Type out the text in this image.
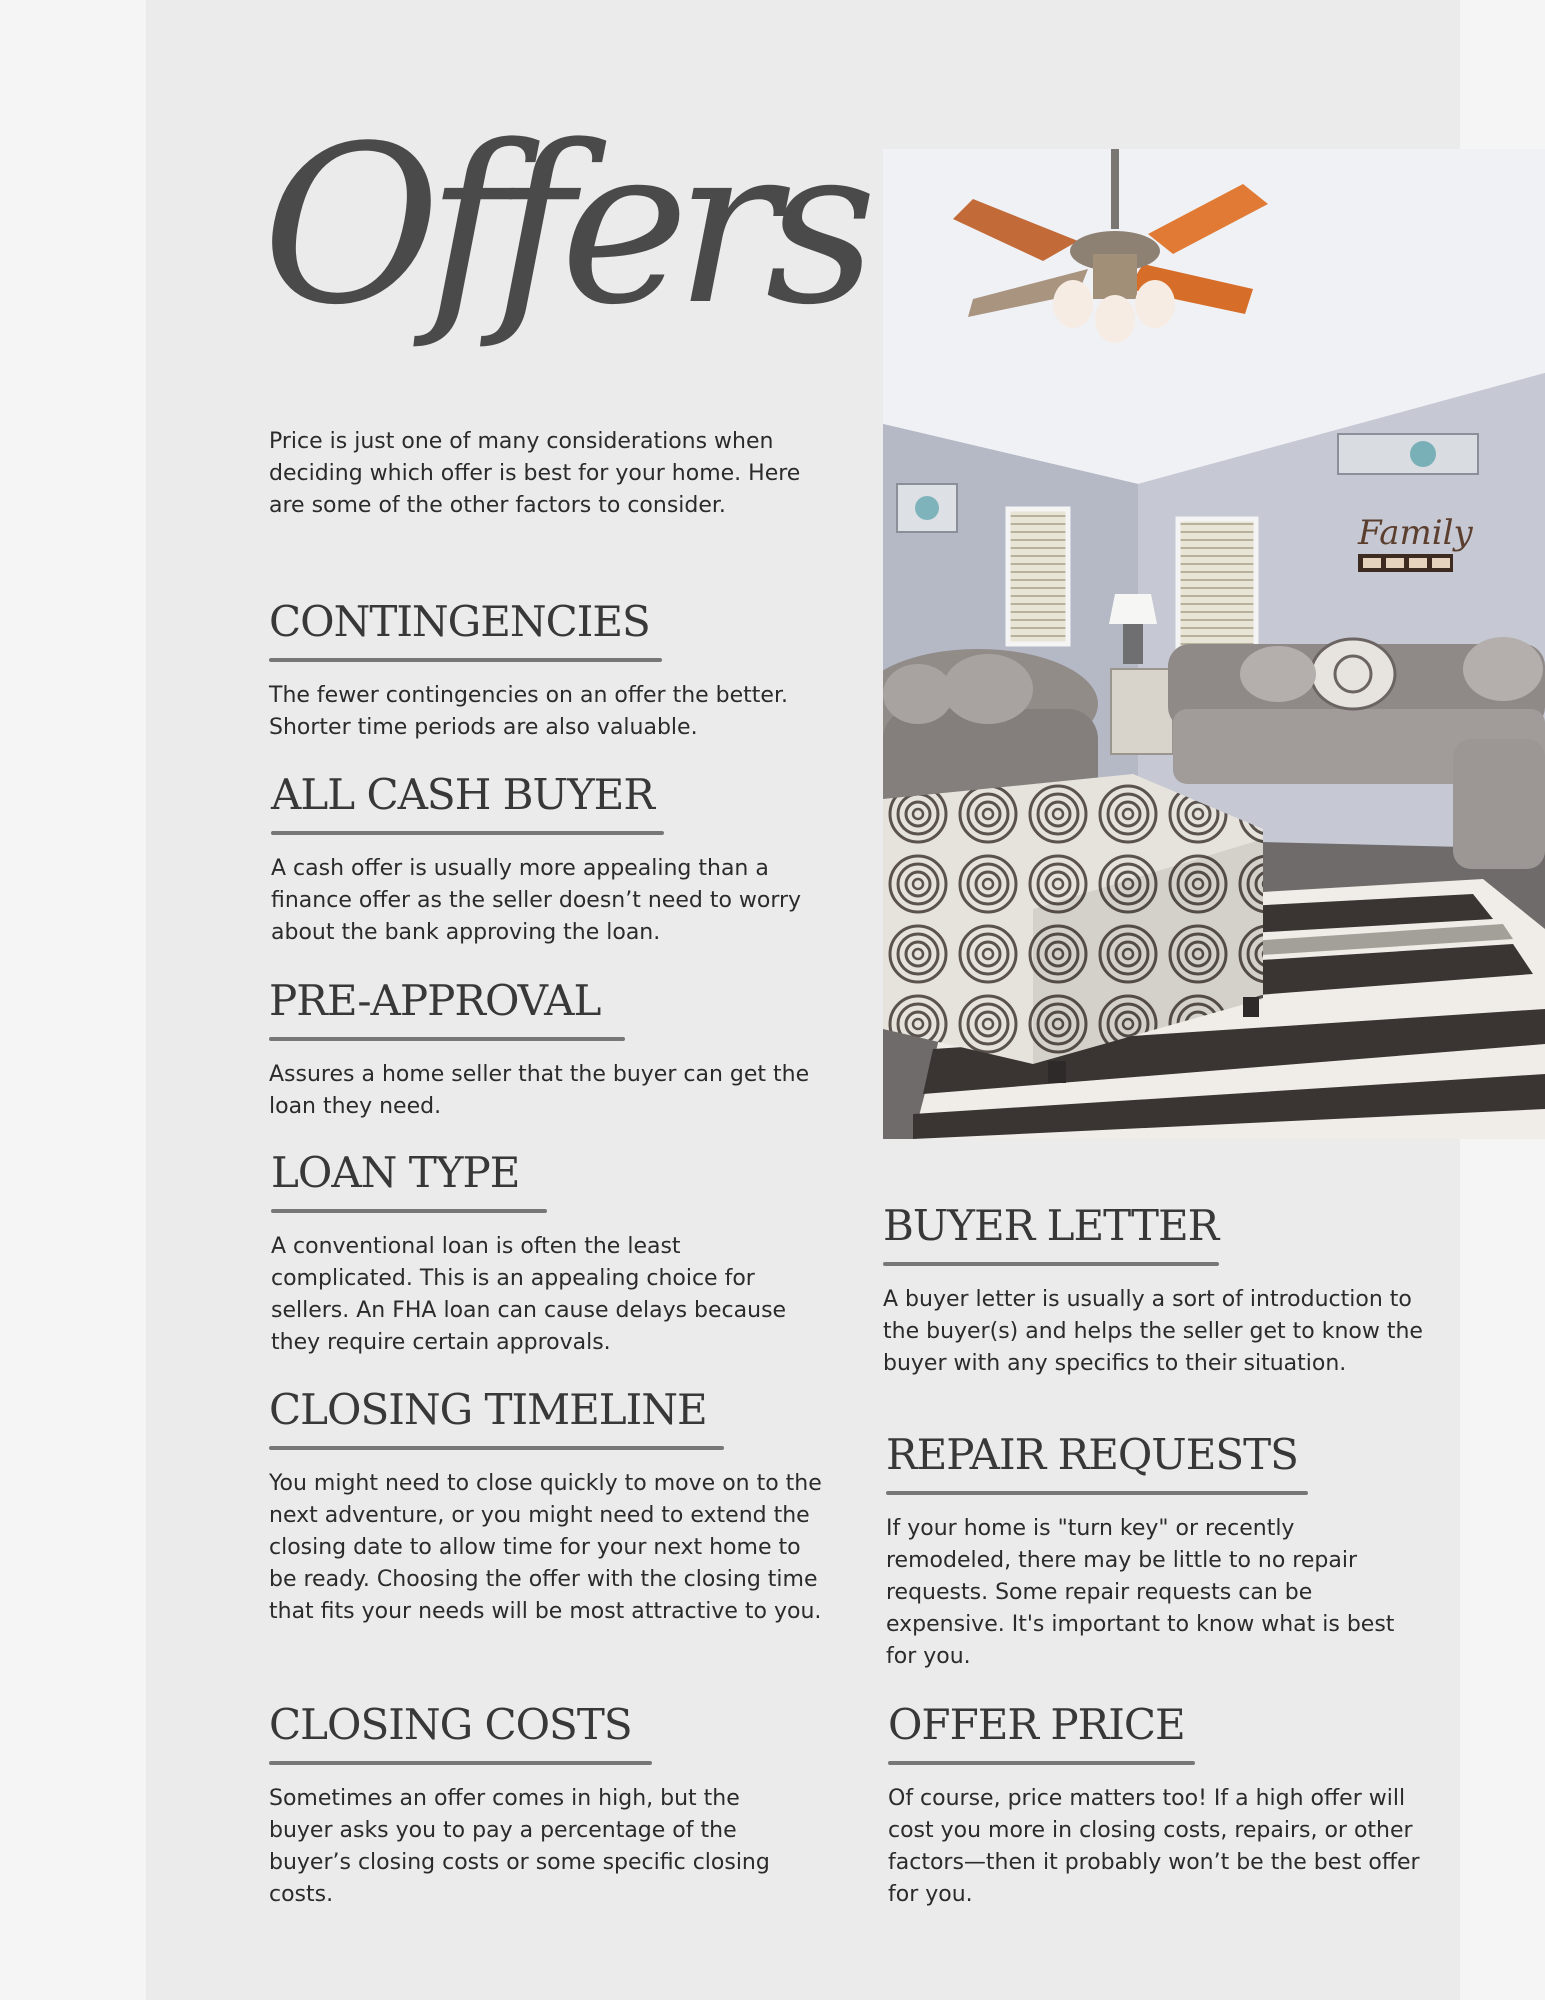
Offers

Price is just one of many considerations when deciding which offer is best for your home. Here are some of the other factors to consider.

CONTINGENCIES

The fewer contingencies on an offer the better. Shorter time periods are also valuable.

ALL CASH BUYER

A cash offer is usually more appealing than a finance offer as the seller doesn’t need to worry about the bank approving the loan.

PRE-APPROVAL

Assures a home seller that the buyer can get the loan they need.

LOAN TYPE

A conventional loan is often the least complicated. This is an appealing choice for sellers. An FHA loan can cause delays because they require certain approvals.

CLOSING TIMELINE

You might need to close quickly to move on to the next adventure, or you might need to extend the closing date to allow time for your next home to be ready. Choosing the offer with the closing time that fits your needs will be most attractive to you.

CLOSING COSTS

Sometimes an offer comes in high, but the buyer asks you to pay a percentage of the buyer’s closing costs or some specific closing costs.

BUYER LETTER

A buyer letter is usually a sort of introduction to the buyer(s) and helps the seller get to know the buyer with any specifics to their situation.

REPAIR REQUESTS

If your home is "turn key" or recently remodeled, there may be little to no repair requests. Some repair requests can be expensive. It's important to know what is best for you.

OFFER PRICE

Of course, price matters too! If a high offer will cost you more in closing costs, repairs, or other factors—then it probably won’t be the best offer for you.

Family
